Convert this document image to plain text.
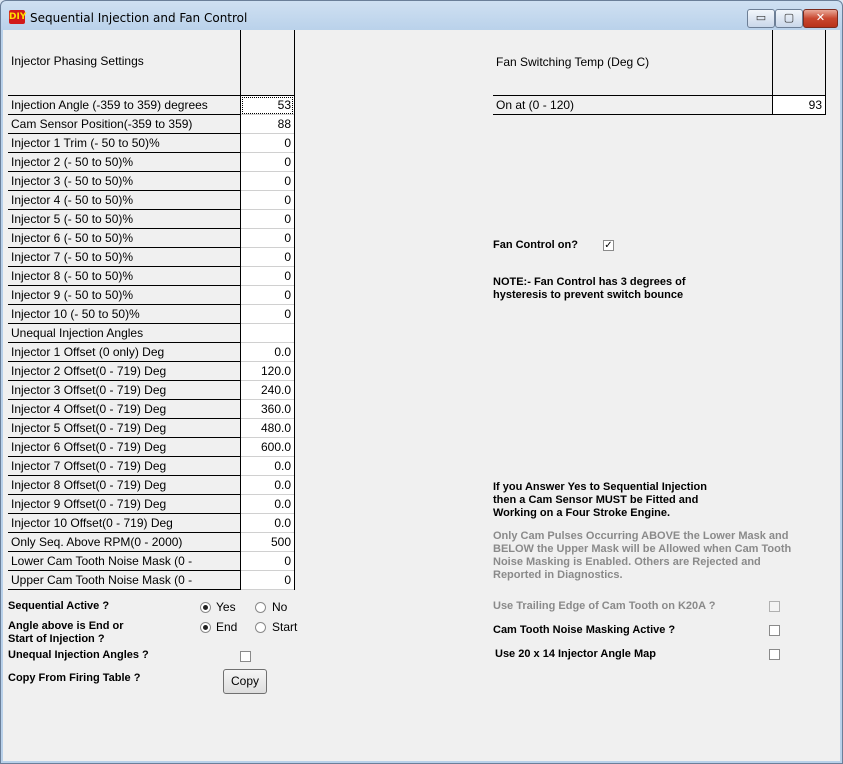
DIY Sequential Injection and Fan Control	▭	▢	✕
Injector Phasing Settings
Injection Angle (-359 to 359) degrees	53
Cam Sensor Position(-359 to 359)	88
Injector 1 Trim (- 50 to 50)%	0
Injector 2 (- 50 to 50)%	0
Injector 3 (- 50 to 50)%	0
Injector 4 (- 50 to 50)%	0
Injector 5 (- 50 to 50)%	0
Injector 6 (- 50 to 50)%	0
Injector 7 (- 50 to 50)%	0
Injector 8 (- 50 to 50)%	0
Injector 9 (- 50 to 50)%	0
Injector 10 (- 50 to 50)%	0
Unequal Injection Angles
Injector 1 Offset (0 only) Deg	0.0
Injector 2 Offset(0 - 719) Deg	120.0
Injector 3 Offset(0 - 719) Deg	240.0
Injector 4 Offset(0 - 719) Deg	360.0
Injector 5 Offset(0 - 719) Deg	480.0
Injector 6 Offset(0 - 719) Deg	600.0
Injector 7 Offset(0 - 719) Deg	0.0
Injector 8 Offset(0 - 719) Deg	0.0
Injector 9 Offset(0 - 719) Deg	0.0
Injector 10 Offset(0 - 719) Deg	0.0
Only Seq. Above RPM(0 - 2000)	500
Lower Cam Tooth Noise Mask (0 -	0
Upper Cam Tooth Noise Mask (0 -	0
Fan Switching Temp (Deg C)
On at (0 - 120)	93
Fan Control on?	✓
NOTE:- Fan Control has 3 degrees of
hysteresis to prevent switch bounce
If you Answer Yes to Sequential Injection
then a Cam Sensor MUST be Fitted and
Working on a Four Stroke Engine.
Only Cam Pulses Occurring ABOVE the Lower Mask and
BELOW the Upper Mask will be Allowed when Cam Tooth
Noise Masking is Enabled. Others are Rejected and
Reported in Diagnostics.
Use Trailing Edge of Cam Tooth on K20A ?
Cam Tooth Noise Masking Active ?
Use 20 x 14 Injector Angle Map
Sequential Active ?	Yes	No
Angle above is End or
Start of Injection ?
End	Start
Unequal Injection Angles ?
Copy From Firing Table ?	Copy
